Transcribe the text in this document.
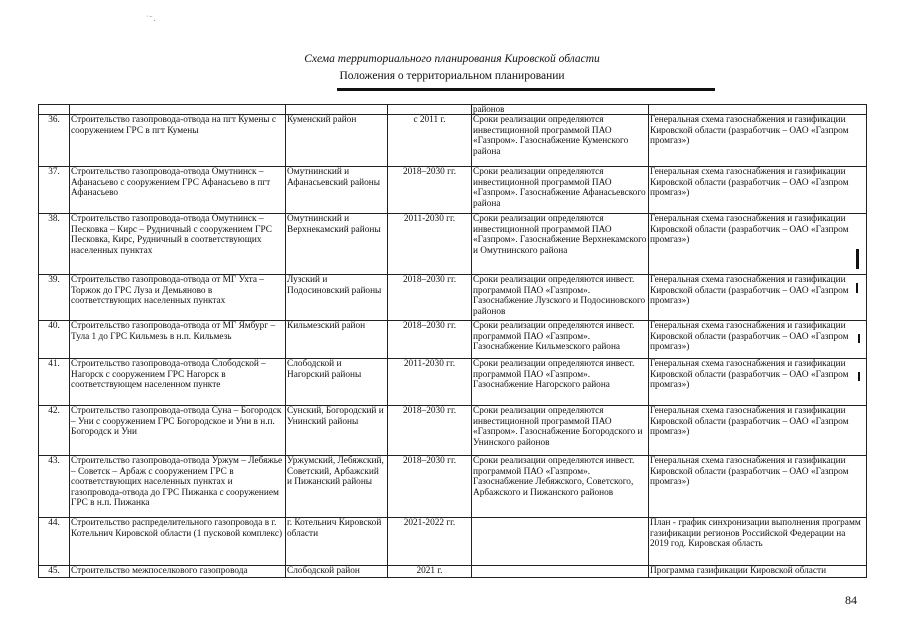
˙ˉ.
Схема территориального планирования Кировской области
Положения о территориальном планировании
				районов	
36.	Строительство газопровода-отвода на пгт Кумены с сооружением ГРС в пгт Кумены	Куменский район	с 2011 г.	Сроки реализации определяются инвестиционной программой ПАО «Газпром». Газоснабжение Куменского района	Генеральная схема газоснабжения и газификации Кировской области (разработчик – ОАО «Газпром промгаз»)
37.	Строительство газопровода-отвода Омутнинск – Афанасьево с сооружением ГРС Афанасьево в пгт Афанасьево	Омутнинский и Афанасьевский районы	2018–2030 гг.	Сроки реализации определяются инвестиционной программой ПАО «Газпром». Газоснабжение Афанасьевского района	Генеральная схема газоснабжения и газификации Кировской области (разработчик – ОАО «Газпром промгаз»)
38.	Строительство газопровода-отвода Омутнинск – Песковка – Кирс – Рудничный с сооружением ГРС Песковка, Кирс, Рудничный в соответствующих населенных пунктах	Омутнинский и Верхнекамский районы	2011-2030 гг.	Сроки реализации определяются инвестиционной программой ПАО «Газпром». Газоснабжение Верхнекамского и Омутнинского района	Генеральная схема газоснабжения и газификации Кировской области (разработчик – ОАО «Газпром промгаз»)
39.	Строительство газопровода-отвода от МГ Ухта – Торжок до ГРС Луза и Демьяново в соответствующих населенных пунктах	Лузский и Подосиновский районы	2018–2030 гг.	Сроки реализации определяются инвест. программой ПАО «Газпром». Газоснабжение Лузского и Подосиновского районов	Генеральная схема газоснабжения и газификации Кировской области (разработчик – ОАО «Газпром промгаз»)
40.	Строительство газопровода-отвода от МГ Ямбург – Тула 1 до ГРС Кильмезь в н.п. Кильмезь	Кильмезский район	2018–2030 гг.	Сроки реализации определяются инвест. программой ПАО «Газпром». Газоснабжение Кильмезского района	Генеральная схема газоснабжения и газификации Кировской области (разработчик – ОАО «Газпром промгаз»)
41.	Строительство газопровода-отвода Слободской – Нагорск с сооружением ГРС Нагорск в соответствующем населенном пункте	Слободской и Нагорский районы	2011-2030 гг.	Сроки реализации определяются инвест. программой ПАО «Газпром». Газоснабжение Нагорского района	Генеральная схема газоснабжения и газификации Кировской области (разработчик – ОАО «Газпром промгаз»)
42.	Строительство газопровода-отвода Суна – Богородск – Уни с сооружением ГРС Богородское и Уни в н.п. Богородск и Уни	Сунский, Богородский и Унинский районы	2018–2030 гг.	Сроки реализации определяются инвестиционной программой ПАО «Газпром». Газоснабжение Богородского и Унинского районов	Генеральная схема газоснабжения и газификации Кировской области (разработчик – ОАО «Газпром промгаз»)
43.	Строительство газопровода-отвода Уржум – Лебяжье – Советск – Арбаж с сооружением ГРС в соответствующих населенных пунктах и газопровода-отвода до ГРС Пижанка с сооружением ГРС в н.п. Пижанка	Уржумский, Лебяжский, Советский, Арбажский и Пижанский районы	2018–2030 гг.	Сроки реализации определяются инвест. программой ПАО «Газпром». Газоснабжение Лебяжского, Советского, Арбажского и Пижанского районов	Генеральная схема газоснабжения и газификации Кировской области (разработчик – ОАО «Газпром промгаз»)
44.	Строительство распределительного газопровода в г. Котельнич Кировской области (1 пусковой комплекс)	г. Котельнич Кировской области	2021-2022 гг.		План - график синхронизации выполнения программ газификации регионов Российской Федерации на 2019 год. Кировская область
45.	Строительство межпоселкового газопровода	Слободской район	2021 г.		Программа газификации Кировской области
84
